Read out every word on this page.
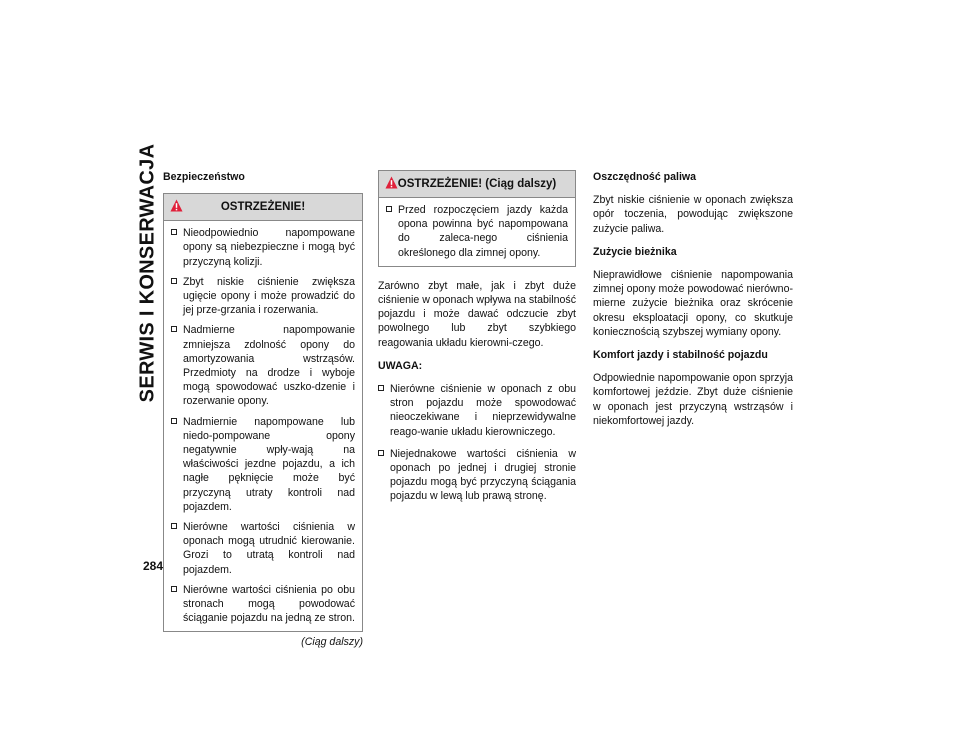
SERWIS I KONSERWACJA
284
Bezpieczeństwo
OSTRZEŻENIE!
Nieodpowiednio napompowane opony są niebezpieczne i mogą być przyczyną kolizji.
Zbyt niskie ciśnienie zwiększa ugięcie opony i może prowadzić do jej prze-grzania i rozerwania.
Nadmierne napompowanie zmniejsza zdolność opony do amortyzowania wstrząsów. Przedmioty na drodze i wyboje mogą spowodować uszko-dzenie i rozerwanie opony.
Nadmiernie napompowane lub niedo-pompowane opony negatywnie wpły-wają na właściwości jezdne pojazdu, a ich nagłe pęknięcie może być przyczyną utraty kontroli nad pojazdem.
Nierówne wartości ciśnienia w oponach mogą utrudnić kierowanie. Grozi to utratą kontroli nad pojazdem.
Nierówne wartości ciśnienia po obu stronach mogą powodować ściąganie pojazdu na jedną ze stron.
(Ciąg dalszy)
OSTRZEŻENIE! (Ciąg dalszy)
Przed rozpoczęciem jazdy każda opona powinna być napompowana do zaleca-nego ciśnienia określonego dla zimnej opony.
Zarówno zbyt małe, jak i zbyt duże ciśnienie w oponach wpływa na stabilność pojazdu i może dawać odczucie zbyt powolnego lub zbyt szybkiego reagowania układu kierowni-czego.
UWAGA:
Nierówne ciśnienie w oponach z obu stron pojazdu może spowodować nieoczekiwane i nieprzewidywalne reago-wanie układu kierowniczego.
Niejednakowe wartości ciśnienia w oponach po jednej i drugiej stronie pojazdu mogą być przyczyną ściągania pojazdu w lewą lub prawą stronę.
Oszczędność paliwa
Zbyt niskie ciśnienie w oponach zwiększa opór toczenia, powodując zwiększone zużycie paliwa.
Zużycie bieżnika
Nieprawidłowe ciśnienie napompowania zimnej opony może powodować nierówno-mierne zużycie bieżnika oraz skrócenie okresu eksploatacji opony, co skutkuje koniecznością szybszej wymiany opony.
Komfort jazdy i stabilność pojazdu
Odpowiednie napompowanie opon sprzyja komfortowej jeździe. Zbyt duże ciśnienie w oponach jest przyczyną wstrząsów i niekomfortowej jazdy.
